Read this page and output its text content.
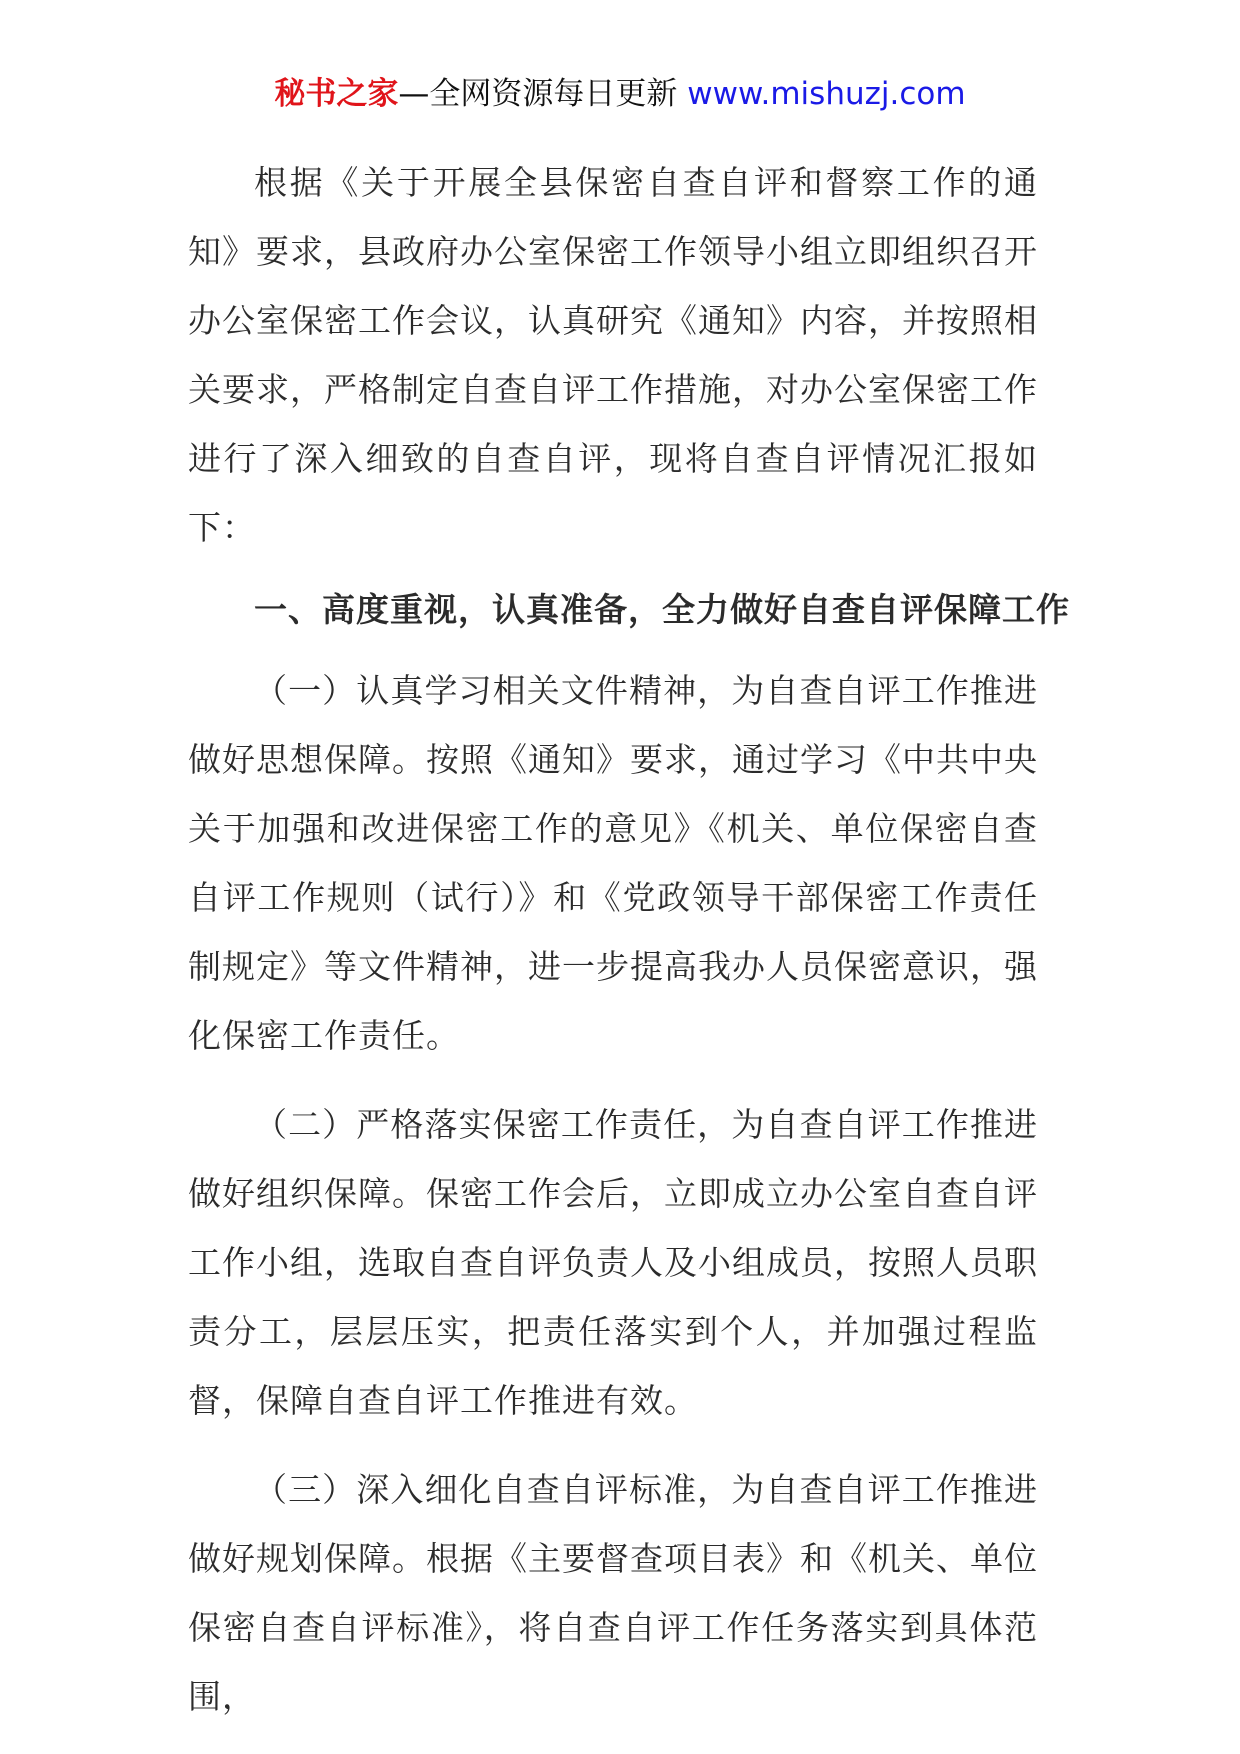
秘书之家—全网资源每日更新 www.mishuzj.com

根据《关于开展全县保密自查自评和督察工作的通知》要求，县政府办公室保密工作领导小组立即组织召开办公室保密工作会议，认真研究《通知》内容，并按照相关要求，严格制定自查自评工作措施，对办公室保密工作进行了深入细致的自查自评，现将自查自评情况汇报如下：

一、高度重视，认真准备，全力做好自查自评保障工作

（一）认真学习相关文件精神，为自查自评工作推进做好思想保障。按照《通知》要求，通过学习《中共中央关于加强和改进保密工作的意见》《机关、单位保密自查自评工作规则（试行）》和《党政领导干部保密工作责任制规定》等文件精神，进一步提高我办人员保密意识，强化保密工作责任。

（二）严格落实保密工作责任，为自查自评工作推进做好组织保障。保密工作会后，立即成立办公室自查自评工作小组，选取自查自评负责人及小组成员，按照人员职责分工，层层压实，把责任落实到个人，并加强过程监督，保障自查自评工作推进有效。

（三）深入细化自查自评标准，为自查自评工作推进做好规划保障。根据《主要督查项目表》和《机关、单位保密自查自评标准》，将自查自评工作任务落实到具体范围，
